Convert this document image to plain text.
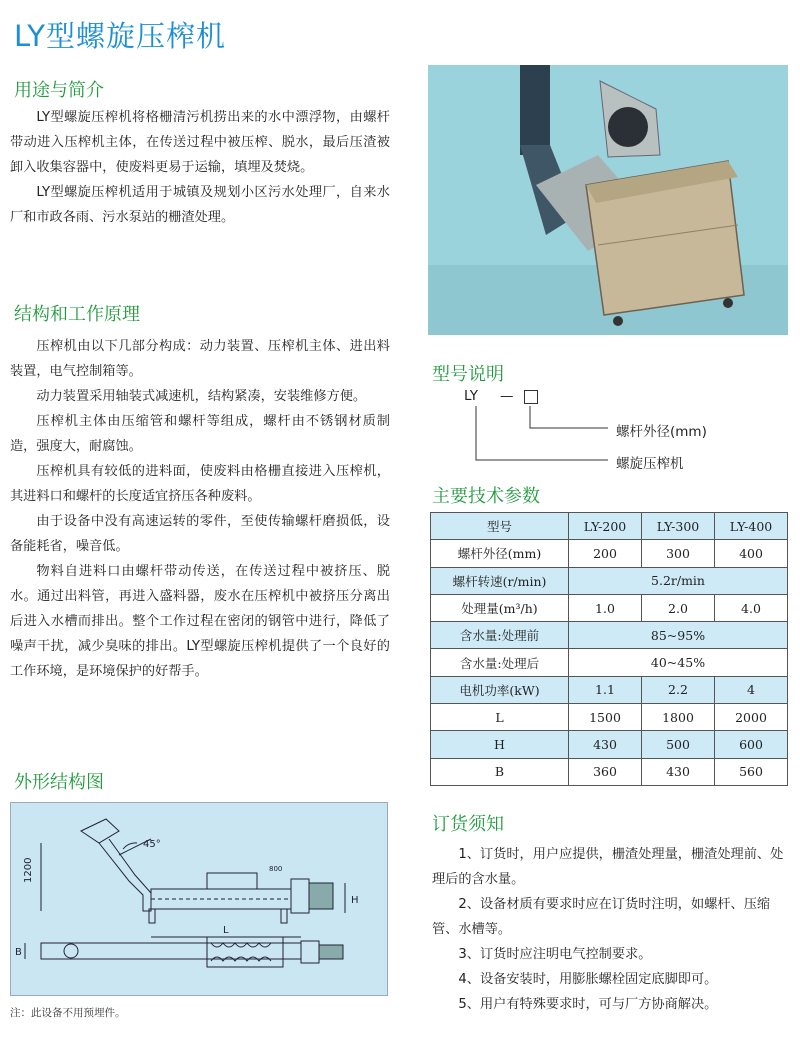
LY型螺旋压榨机
用途与简介

LY型螺旋压榨机将格栅清污机捞出来的水中漂浮物，由螺杆带动进入压榨机主体，在传送过程中被压榨、脱水，最后压渣被卸入收集容器中，使废料更易于运输，填埋及焚烧。

LY型螺旋压榨机适用于城镇及规划小区污水处理厂，自来水厂和市政各雨、污水泵站的栅渣处理。

结构和工作原理

压榨机由以下几部分构成：动力装置、压榨机主体、进出料装置，电气控制箱等。

动力装置采用轴装式减速机，结构紧凑，安装维修方便。

压榨机主体由压缩管和螺杆等组成，螺杆由不锈钢材质制造，强度大，耐腐蚀。

压榨机具有较低的进料面，使废料由格栅直接进入压榨机，其进料口和螺杆的长度适宜挤压各种废料。

由于设备中没有高速运转的零件，至使传输螺杆磨损低，设备能耗省，噪音低。

物料自进料口由螺杆带动传送，在传送过程中被挤压、脱水。通过出料管，再进入盛料器，废水在压榨机中被挤压分离出后进入水槽而排出。整个工作过程在密闭的钢管中进行，降低了噪声干扰，减少臭味的排出。LY型螺旋压榨机提供了一个良好的工作环境，是环境保护的好帮手。

外形结构图
45°
1200	800
L
H
B
注：此设备不用预埋件。
型号说明
LY —
螺杆外径(mm)
螺旋压榨机
主要技术参数
型号	LY-200	LY-300	LY-400
螺杆外径(mm)	200	300	400
螺杆转速(r/min)	5.2r/min		
处理量(m³/h)	1.0	2.0	4.0
含水量:处理前	85~95%		
含水量:处理后	40~45%		
电机功率(kW)	1.1	2.2	4
L	1500	1800	2000
H	430	500	600
B	360	430	560
订货须知

1、订货时，用户应提供，栅渣处理量，栅渣处理前、处理后的含水量。

2、设备材质有要求时应在订货时注明，如螺杆、压缩管、水槽等。

3、订货时应注明电气控制要求。

4、设备安装时，用膨胀螺栓固定底脚即可。

5、用户有特殊要求时，可与厂方协商解决。
